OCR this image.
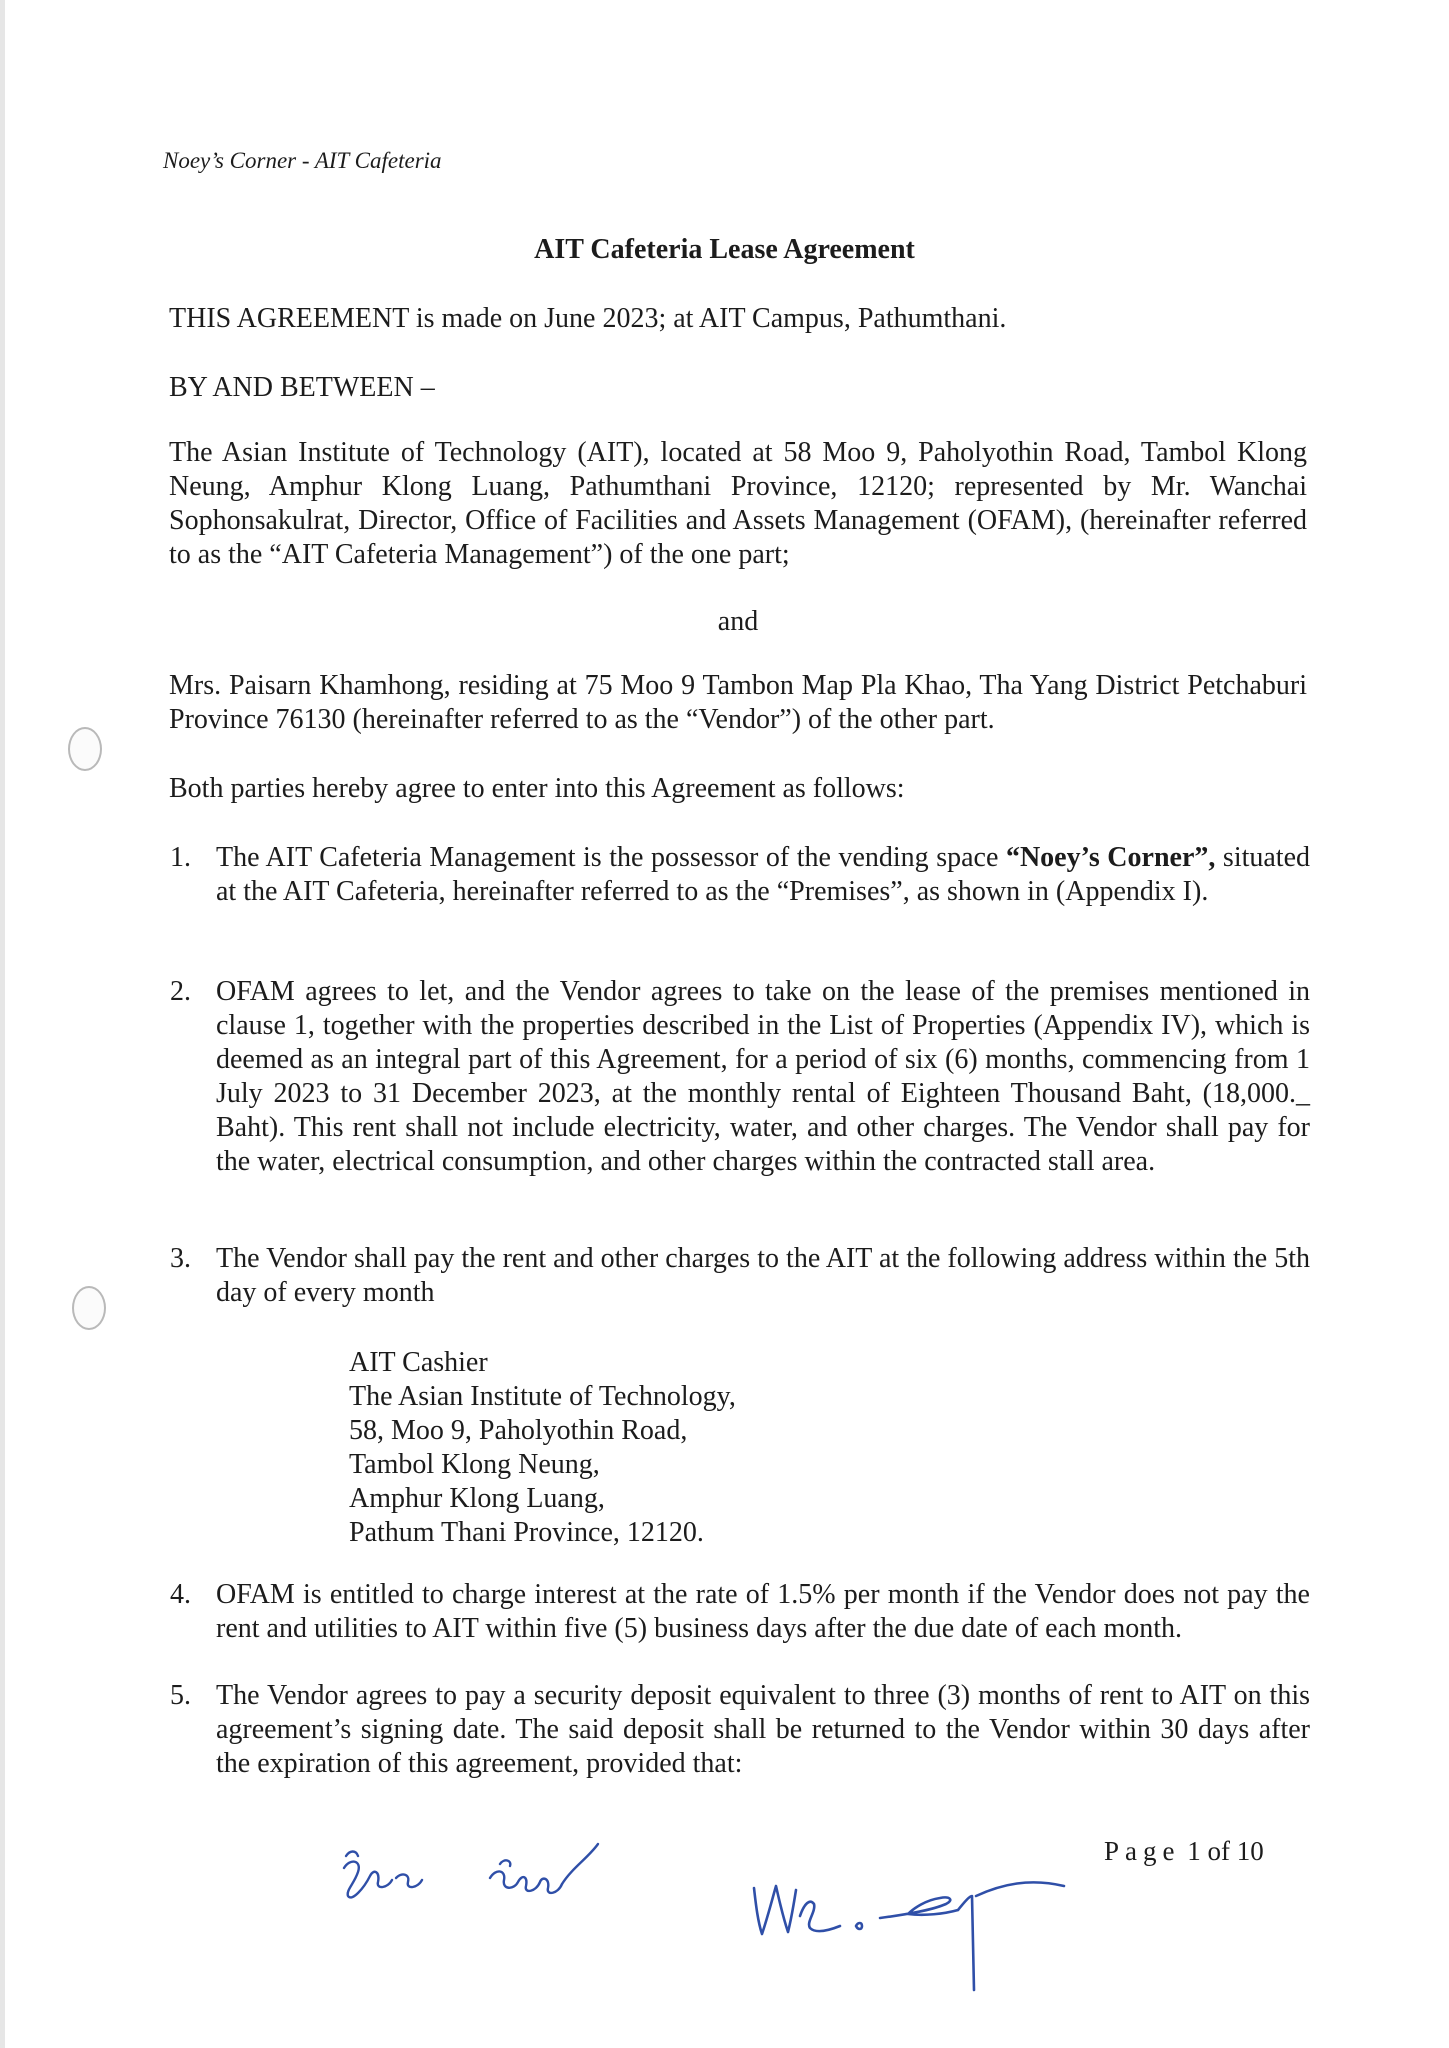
Noey’s Corner - AIT Cafeteria
AIT Cafeteria Lease Agreement
THIS AGREEMENT is made on June 2023; at AIT Campus, Pathumthani.
BY AND BETWEEN –
The Asian Institute of Technology (AIT), located at 58 Moo 9, Paholyothin Road, Tambol Klong Neung, Amphur Klong Luang, Pathumthani Province, 12120; represented by Mr. Wanchai Sophonsakulrat, Director, Office of Facilities and Assets Management (OFAM), (hereinafter referred to as the “AIT Cafeteria Management”) of the one part;
and
Mrs. Paisarn Khamhong, residing at 75 Moo 9 Tambon Map Pla Khao, Tha Yang District Petchaburi Province 76130 (hereinafter referred to as the “Vendor”) of the other part.
Both parties hereby agree to enter into this Agreement as follows:
1. The AIT Cafeteria Management is the possessor of the vending space “Noey’s Corner”, situated at the AIT Cafeteria, hereinafter referred to as the “Premises”, as shown in (Appendix I).
2. OFAM agrees to let, and the Vendor agrees to take on the lease of the premises mentioned in clause 1, together with the properties described in the List of Properties (Appendix IV), which is deemed as an integral part of this Agreement, for a period of six (6) months, commencing from 1 July 2023 to 31 December 2023, at the monthly rental of Eighteen Thousand Baht, (18,000._ Baht). This rent shall not include electricity, water, and other charges. The Vendor shall pay for the water, electrical consumption, and other charges within the contracted stall area.
3. The Vendor shall pay the rent and other charges to the AIT at the following address within the 5th day of every month
AIT Cashier
The Asian Institute of Technology,
58, Moo 9, Paholyothin Road,
Tambol Klong Neung,
Amphur Klong Luang,
Pathum Thani Province, 12120.
4. OFAM is entitled to charge interest at the rate of 1.5% per month if the Vendor does not pay the rent and utilities to AIT within five (5) business days after the due date of each month.
5. The Vendor agrees to pay a security deposit equivalent to three (3) months of rent to AIT on this agreement’s signing date. The said deposit shall be returned to the Vendor within 30 days after the expiration of this agreement, provided that:
Page 1 of 10
